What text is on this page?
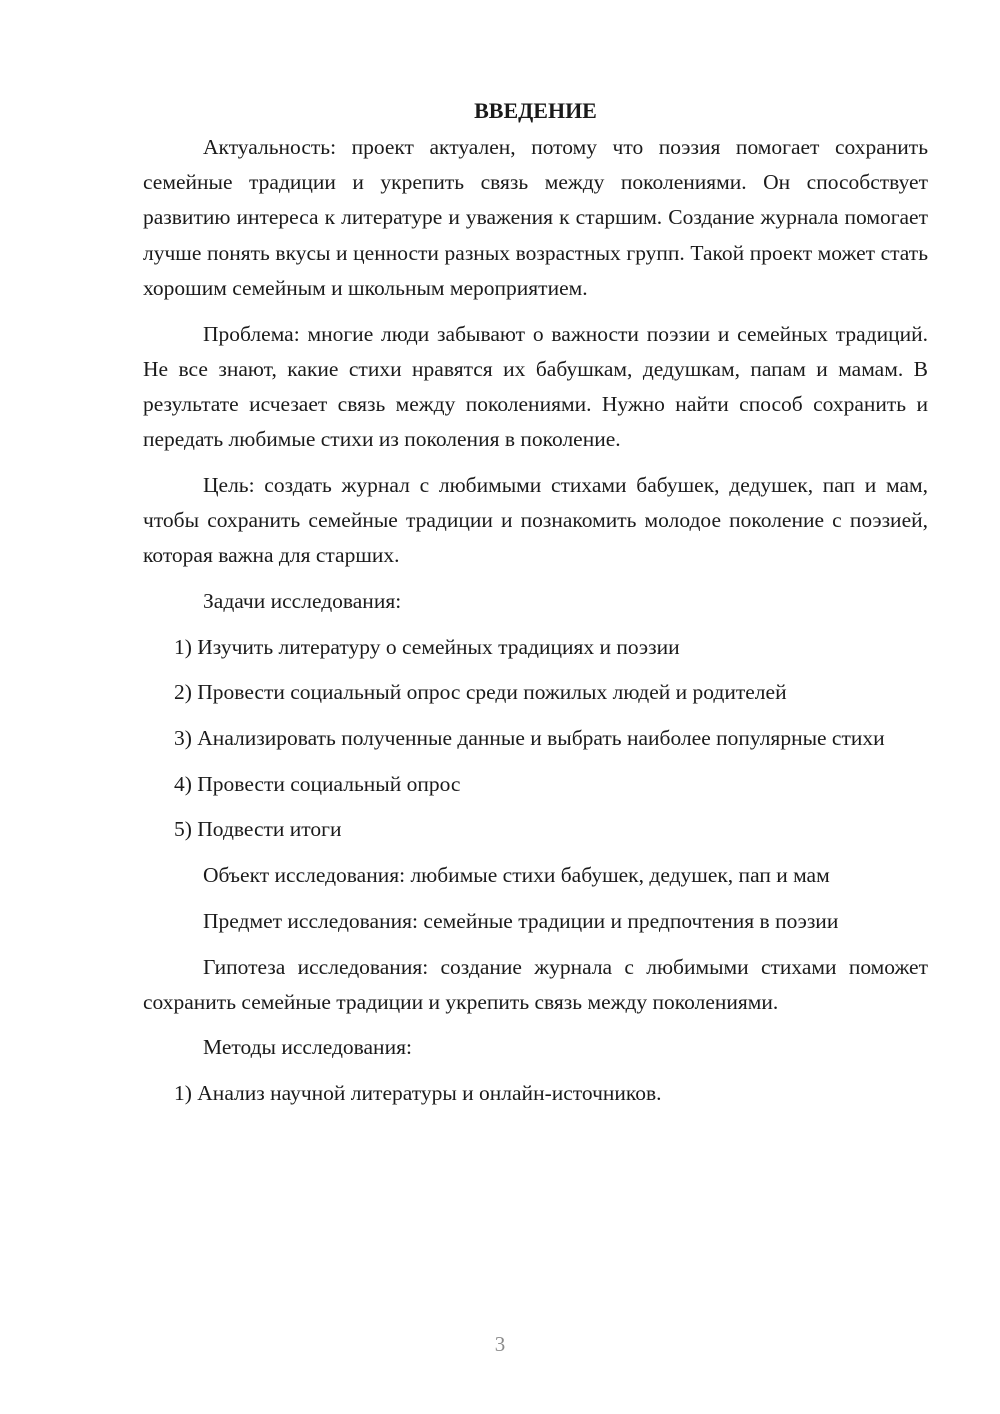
ВВЕДЕНИЕ

Актуальность: проект актуален, потому что поэзия помогает сохранить семейные традиции и укрепить связь между поколениями. Он способствует развитию интереса к литературе и уважения к старшим. Создание журнала помогает лучше понять вкусы и ценности разных возрастных групп. Такой проект может стать хорошим семейным и школьным мероприятием.

Проблема: многие люди забывают о важности поэзии и семейных традиций. Не все знают, какие стихи нравятся их бабушкам, дедушкам, папам и мамам. В результате исчезает связь между поколениями. Нужно найти способ сохранить и передать любимые стихи из поколения в поколение.

Цель: создать журнал с любимыми стихами бабушек, дедушек, пап и мам, чтобы сохранить семейные традиции и познакомить молодое поколение с поэзией, которая важна для старших.

Задачи исследования:

1) Изучить литературу о семейных традициях и поэзии

2) Провести социальный опрос среди пожилых людей и родителей

3) Анализировать полученные данные и выбрать наиболее популярные стихи

4) Провести социальный опрос

5) Подвести итоги

Объект исследования: любимые стихи бабушек, дедушек, пап и мам

Предмет исследования: семейные традиции и предпочтения в поэзии

Гипотеза исследования: создание журнала с любимыми стихами поможет сохранить семейные традиции и укрепить связь между поколениями.

Методы исследования:

1) Анализ научной литературы и онлайн-источников.

3
